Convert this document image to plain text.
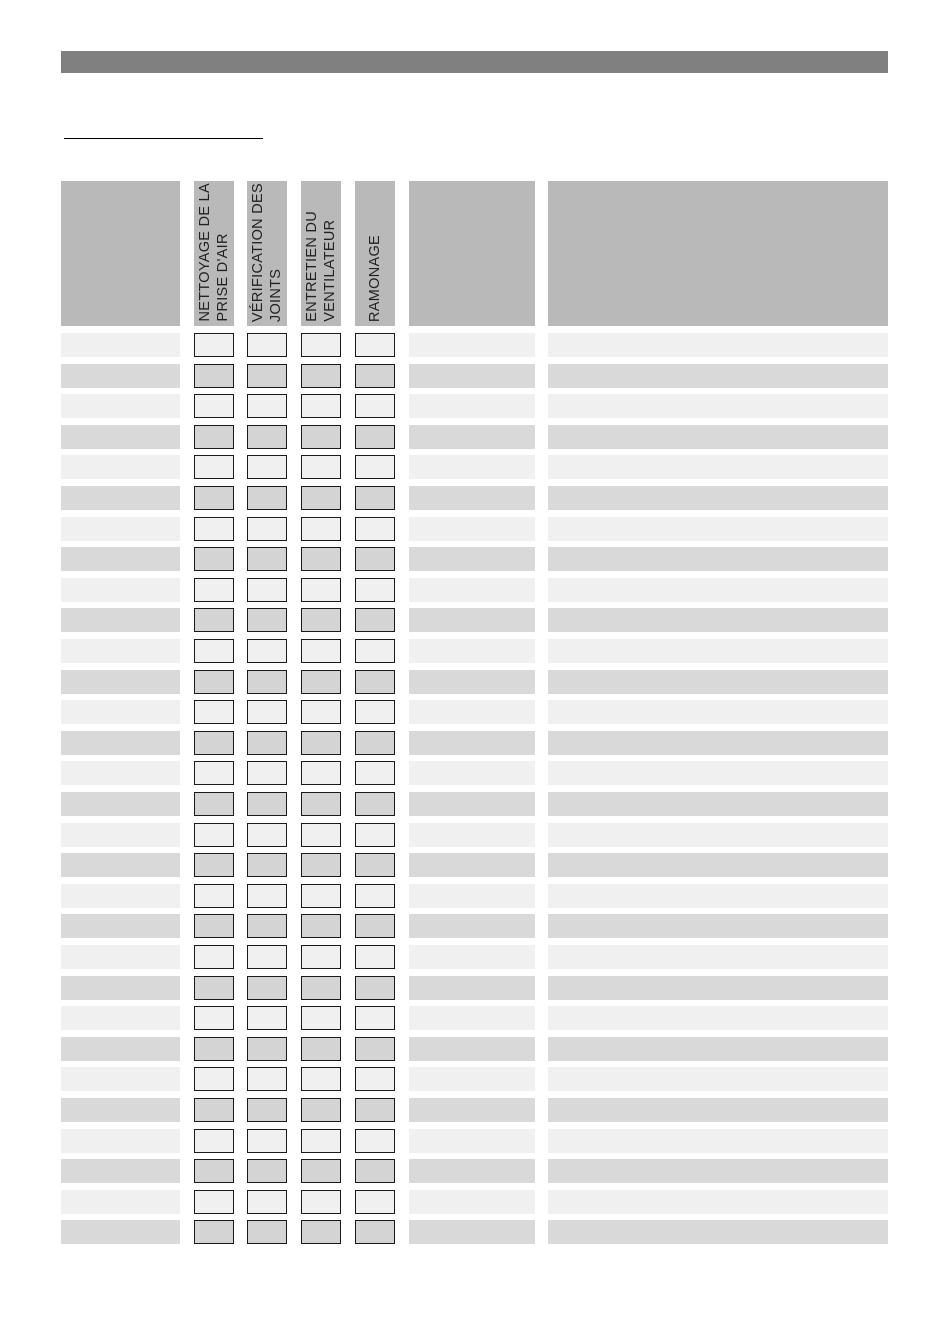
NETTOYAGE DE LA
PRISE D'AIR VÉRIFICATION DES
JOINTS ENTRETIEN DU
VENTILATEUR RAMONAGE
